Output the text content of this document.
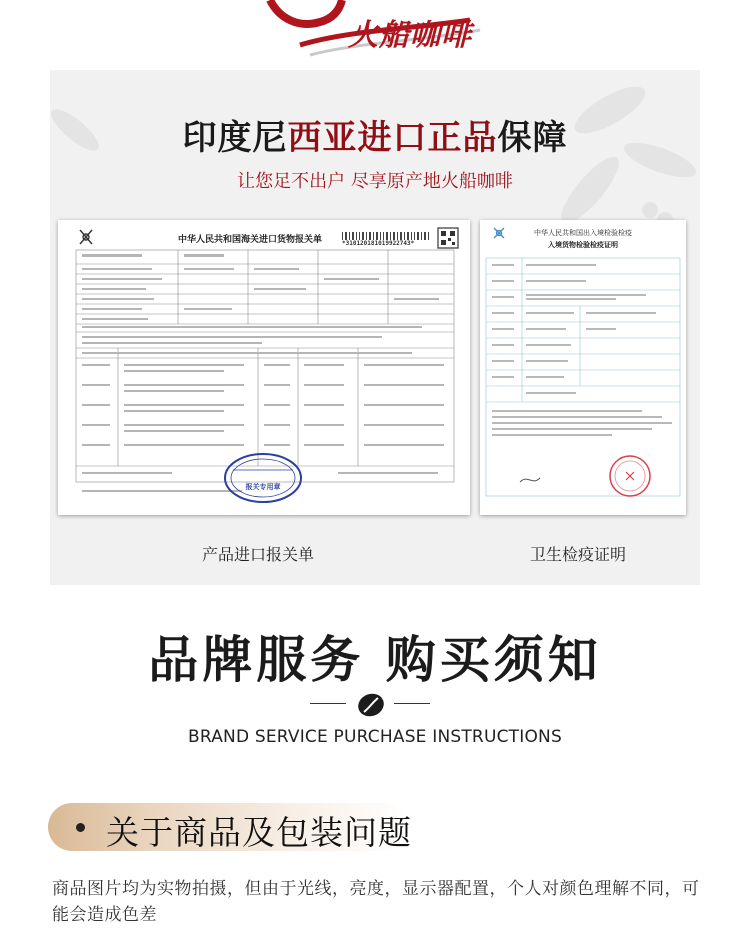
火船咖啡
印度尼西亚进口正品保障
让您足不出户 尽享原产地火船咖啡
中华人民共和国海关进口货物报关单	*310120181019922743*
报关专用章
中华人民共和国出入境检验检疫
入境货物检验检疫证明
产品进口报关单	卫生检疫证明
品牌服务 购买须知
BRAND SERVICE PURCHASE INSTRUCTIONS
关于商品及包装问题
商品图片均为实物拍摄，但由于光线，亮度，显示器配置，个人对颜色理解不同，可能会造成色差
